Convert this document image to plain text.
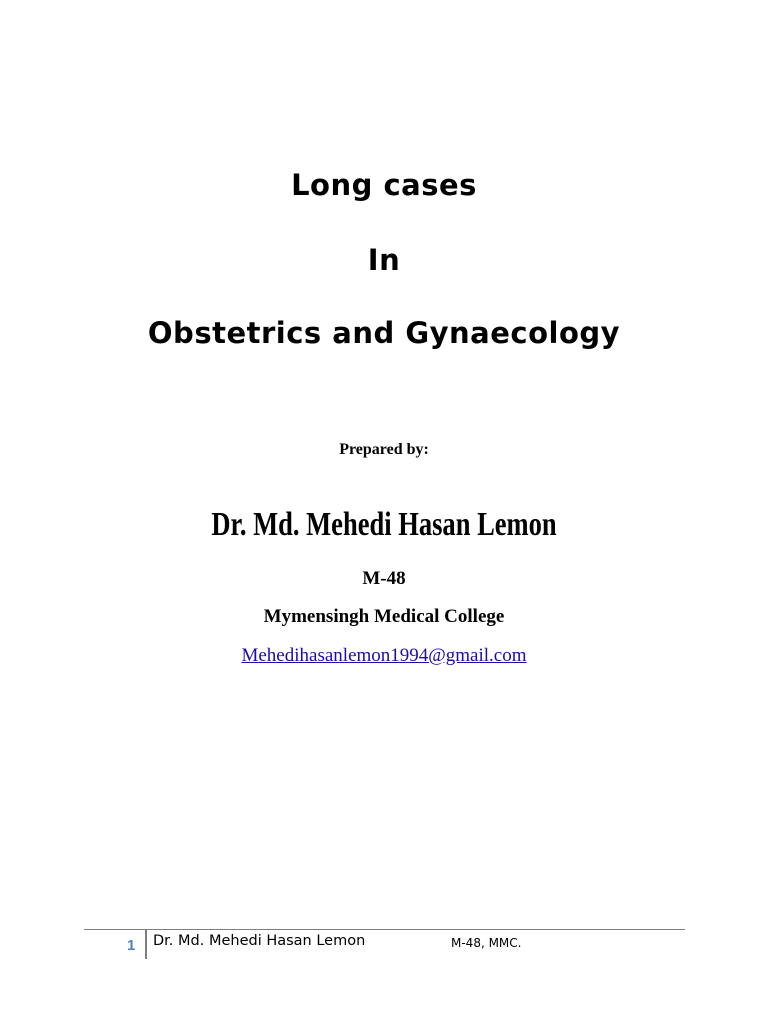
Long cases
In
Obstetrics and Gynaecology
Prepared by:
Dr. Md. Mehedi Hasan Lemon
M-48
Mymensingh Medical College
Mehedihasanlemon1994@gmail.com
1 Dr. Md. Mehedi Hasan Lemon	M-48, MMC.
